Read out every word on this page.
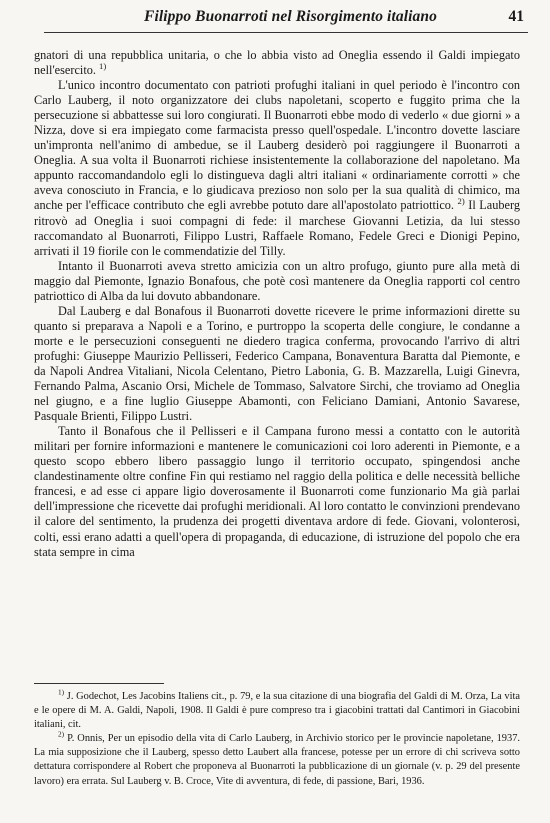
Filippo Buonarroti nel Risorgimento italiano	41

gnatori di una repubblica unitaria, o che lo abbia visto ad Oneglia essendo il Galdi impiegato nell'esercito. $^{1)}$

L'unico incontro documentato con patrioti profughi italiani in quel periodo è l'incontro con Carlo Lauberg, il noto organizzatore dei clubs napoletani, scoperto e fuggito prima che la persecuzione si abbattesse sui loro congiurati. Il Buonarroti ebbe modo di vederlo « due giorni » a Nizza, dove si era impiegato come farmacista presso quell'ospedale. L'incontro dovette lasciare un'impronta nell'animo di ambedue, se il Lauberg desiderò poi raggiungere il Buonarroti a Oneglia. A sua volta il Buonarroti richiese insistentemente la collaborazione del napoletano. Ma appunto raccomandandolo egli lo distingueva dagli altri italiani « ordinariamente corrotti » che aveva conosciuto in Francia, e lo giudicava prezioso non solo per la sua qualità di chimico, ma anche per l'efficace contributo che egli avrebbe potuto dare all'apostolato patriottico. $^{2)}$ Il Lauberg ritrovò ad Oneglia i suoi compagni di fede: il marchese Giovanni Letizia, da lui stesso raccomandato al Buonarroti, Filippo Lustri, Raffaele Romano, Fedele Greci e Dionigi Pepino, arrivati il 19 fiorile con le commendatizie del Tilly.

Intanto il Buonarroti aveva stretto amicizia con un altro profugo, giunto pure alla metà di maggio dal Piemonte, Ignazio Bonafous, che potè così mantenere da Oneglia rapporti col centro patriottico di Alba da lui dovuto abbandonare.

Dal Lauberg e dal Bonafous il Buonarroti dovette ricevere le prime informazioni dirette su quanto si preparava a Napoli e a Torino, e purtroppo la scoperta delle congiure, le condanne a morte e le persecuzioni conseguenti ne diedero tragica conferma, provocando l'arrivo di altri profughi: Giuseppe Maurizio Pellisseri, Federico Campana, Bonaventura Baratta dal Piemonte, e da Napoli Andrea Vitaliani, Nicola Celentano, Pietro Labonia, G. B. Mazzarella, Luigi Ginevra, Fernando Palma, Ascanio Orsi, Michele de Tommaso, Salvatore Sirchi, che troviamo ad Oneglia nel giugno, e a fine luglio Giuseppe Abamonti, con Feliciano Damiani, Antonio Savarese, Pasquale Brienti, Filippo Lustri.

Tanto il Bonafous che il Pellisseri e il Campana furono messi a contatto con le autorità militari per fornire informazioni e mantenere le comunicazioni coi loro aderenti in Piemonte, e a questo scopo ebbero libero passaggio lungo il territorio occupato, spingendosi anche clandestinamente oltre confine Fin qui restiamo nel raggio della politica e delle necessità belliche francesi, e ad esse ci appare ligio doverosamente il Buonarroti come funzionario Ma già parlai dell'impressione che ricevette dai profughi meridionali. Al loro contatto le convinzioni prendevano il calore del sentimento, la prudenza dei progetti diventava ardore di fede. Giovani, volonterosi, colti, essi erano adatti a quell'opera di propaganda, di educazione, di istruzione del popolo che era stata sempre in cima

$^{1)}$ J. Godechot, Les Jacobins Italiens cit., p. 79, e la sua citazione di una biografia del Galdi di M. Orza, La vita e le opere di M. A. Galdi, Napoli, 1908. Il Galdi è pure compreso tra i giacobini trattati dal Cantimori in Giacobini italiani, cit.

$^{2)}$ P. Onnis, Per un episodio della vita di Carlo Lauberg, in Archivio storico per le provincie napoletane, 1937. La mia supposizione che il Lauberg, spesso detto Laubert alla francese, potesse per un errore di chi scriveva sotto dettatura corrispondere al Robert che proponeva al Buonarroti la pubblicazione di un giornale (v. p. 29 del presente lavoro) era errata. Sul Lauberg v. B. Croce, Vite di avventura, di fede, di passione, Bari, 1936.
